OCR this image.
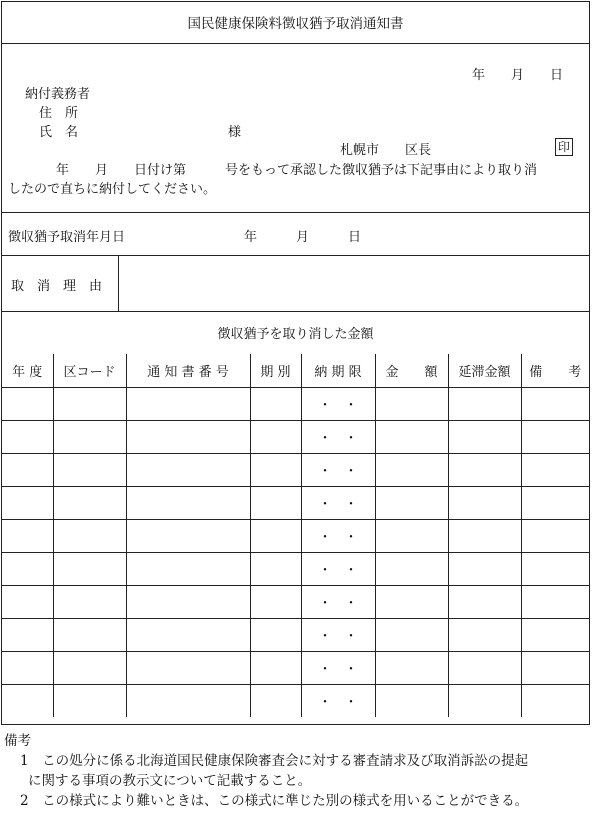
国民健康保険料徴収猶予取消通知書
年　　月　　日
納付義務者
住　所
氏　名	様
札幌市　　区長	印
年　　月　　日付け第　　　号をもって承認した徴収猶予は下記事由により取り消
したので直ちに納付してください。
徴収猶予取消年月日	年　　　月　　　日
取　消　理　由
徴収猶予を取り消した金額
年 度	区コード	通 知 書 番 号	期 別	納 期 限	金　　額	延滞金額	備　　考
				・　・			
				・　・			
				・　・			
				・　・			
				・　・			
				・　・			
				・　・			
				・　・			
				・　・			
				・　・			
備考
1　この処分に係る北海道国民健康保険審査会に対する審査請求及び取消訴訟の提起
に関する事項の教示文について記載すること。
2　この様式により難いときは、この様式に準じた別の様式を用いることができる。
